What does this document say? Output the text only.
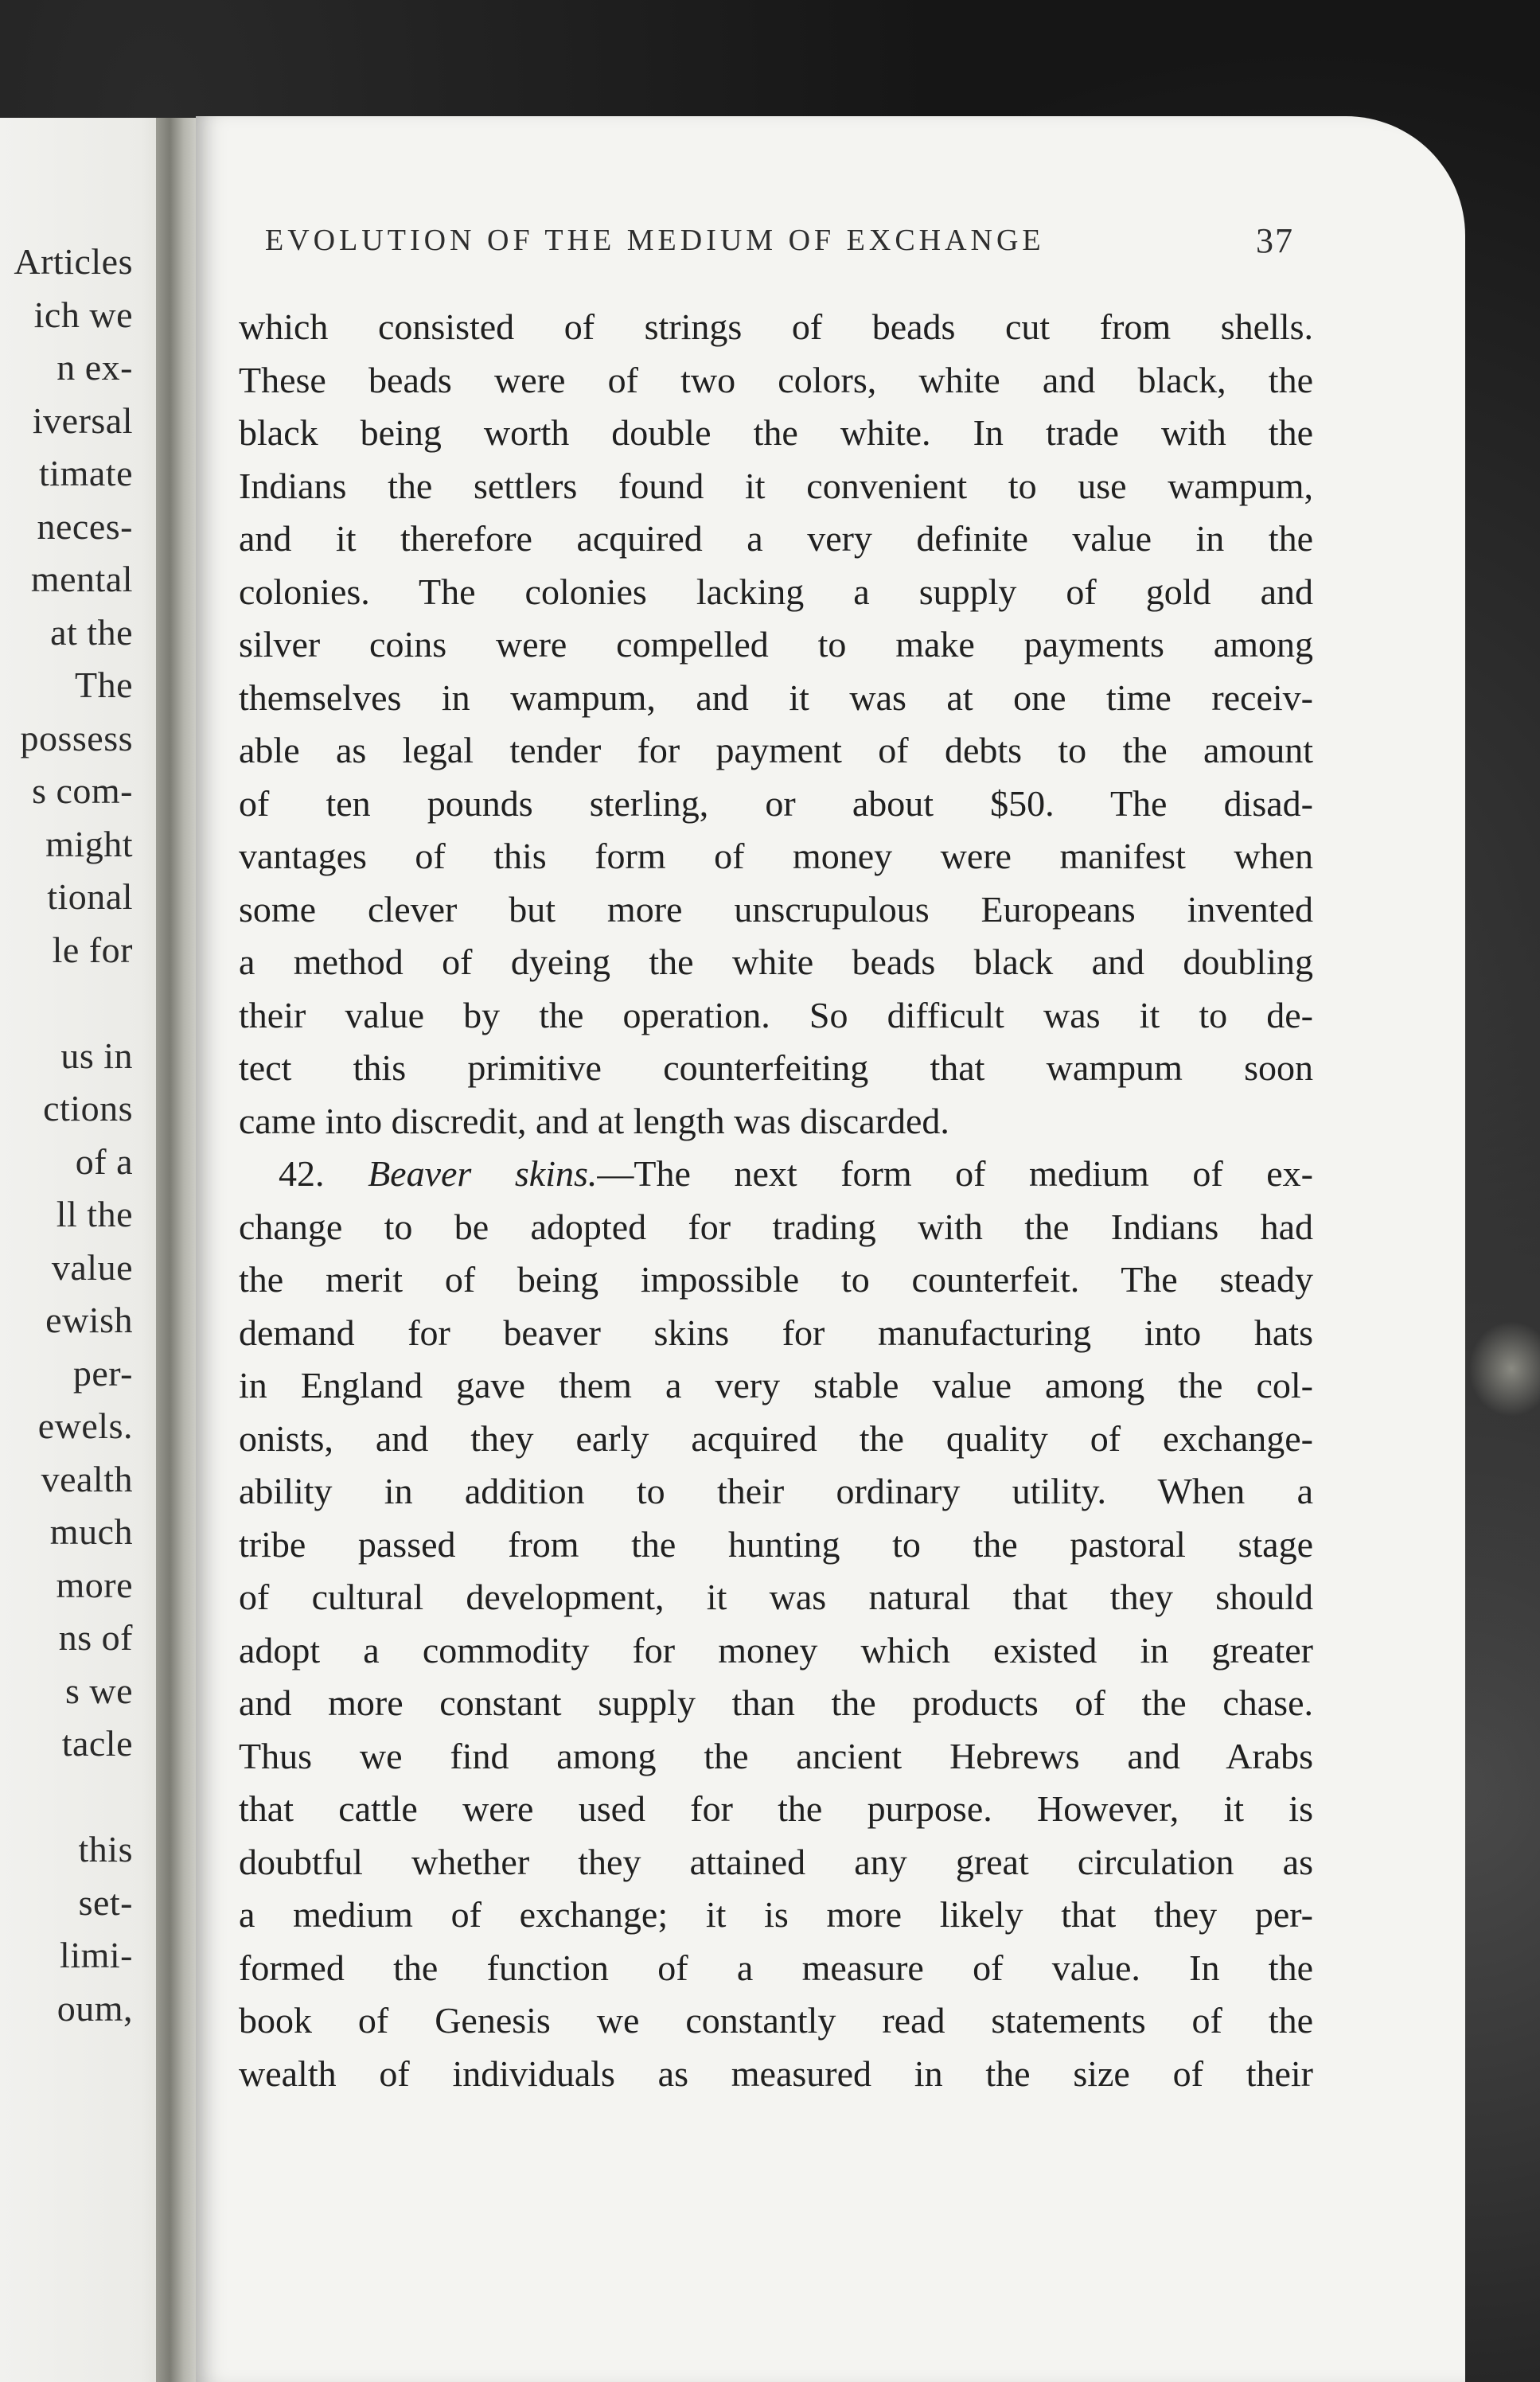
Articles
ich we
n ex-
iversal
timate
neces-
mental
at the
The
possess
s com-
might
tional
le for
us in
ctions
of a
ll the
value
ewish
per-
ewels.
vealth
much
more
ns of
s we
tacle
this
set-
limi-
oum,
EVOLUTION OF THE MEDIUM OF EXCHANGE	37
which consisted of strings of beads cut from shells.
These beads were of two colors, white and black, the
black being worth double the white. In trade with the
Indians the settlers found it convenient to use wampum,
and it therefore acquired a very definite value in the
colonies. The colonies lacking a supply of gold and
silver coins were compelled to make payments among
themselves in wampum, and it was at one time receiv-
able as legal tender for payment of debts to the amount
of ten pounds sterling, or about $50. The disad-
vantages of this form of money were manifest when
some clever but more unscrupulous Europeans invented
a method of dyeing the white beads black and doubling
their value by the operation. So difficult was it to de-
tect this primitive counterfeiting that wampum soon
came into discredit, and at length was discarded.
42. Beaver skins.—The next form of medium of ex-
change to be adopted for trading with the Indians had
the merit of being impossible to counterfeit. The steady
demand for beaver skins for manufacturing into hats
in England gave them a very stable value among the col-
onists, and they early acquired the quality of exchange-
ability in addition to their ordinary utility. When a
tribe passed from the hunting to the pastoral stage
of cultural development, it was natural that they should
adopt a commodity for money which existed in greater
and more constant supply than the products of the chase.
Thus we find among the ancient Hebrews and Arabs
that cattle were used for the purpose. However, it is
doubtful whether they attained any great circulation as
a medium of exchange; it is more likely that they per-
formed the function of a measure of value. In the
book of Genesis we constantly read statements of the
wealth of individuals as measured in the size of their
